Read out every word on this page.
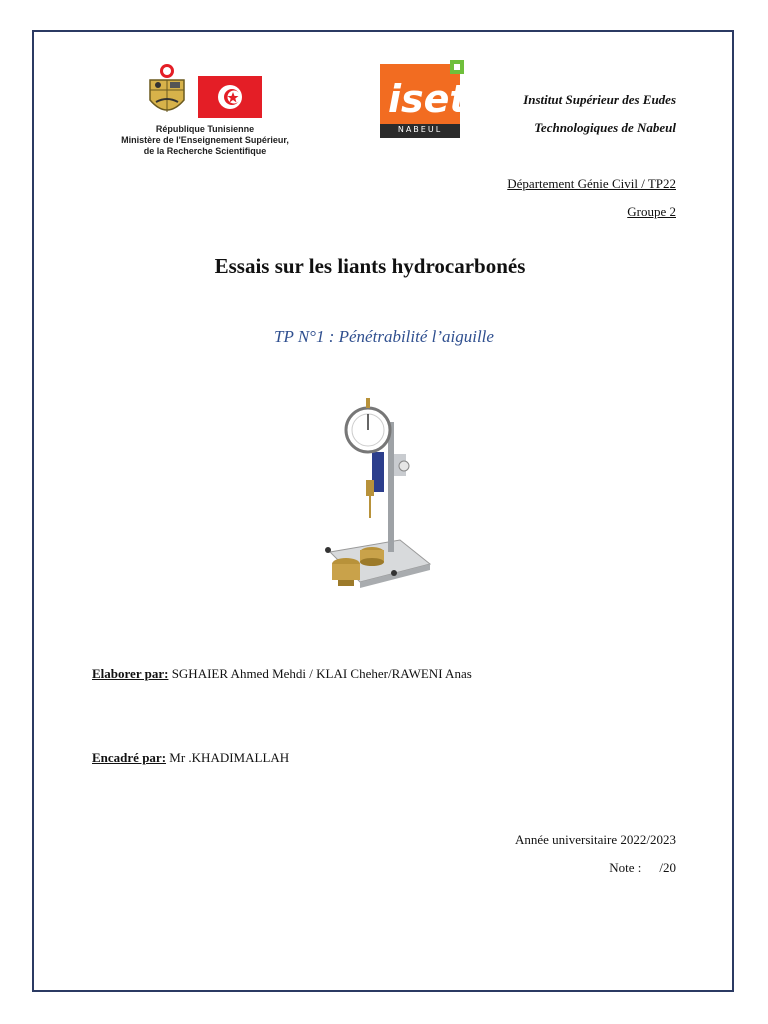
République Tunisienne
Ministère de l'Enseignement Supérieur,
de la Recherche Scientifique
iset
NABEUL
Institut Supérieur des Eudes
Technologiques de Nabeul
Département Génie Civil / TP22
Groupe 2
Essais sur les liants hydrocarbonés
TP N°1 : Pénétrabilité l’aiguille
Elaborer par: SGHAIER Ahmed Mehdi / KLAI Cheher/RAWENI Anas
Encadré par: Mr .KHADIMALLAH
Année universitaire 2022/2023
Note : /20
